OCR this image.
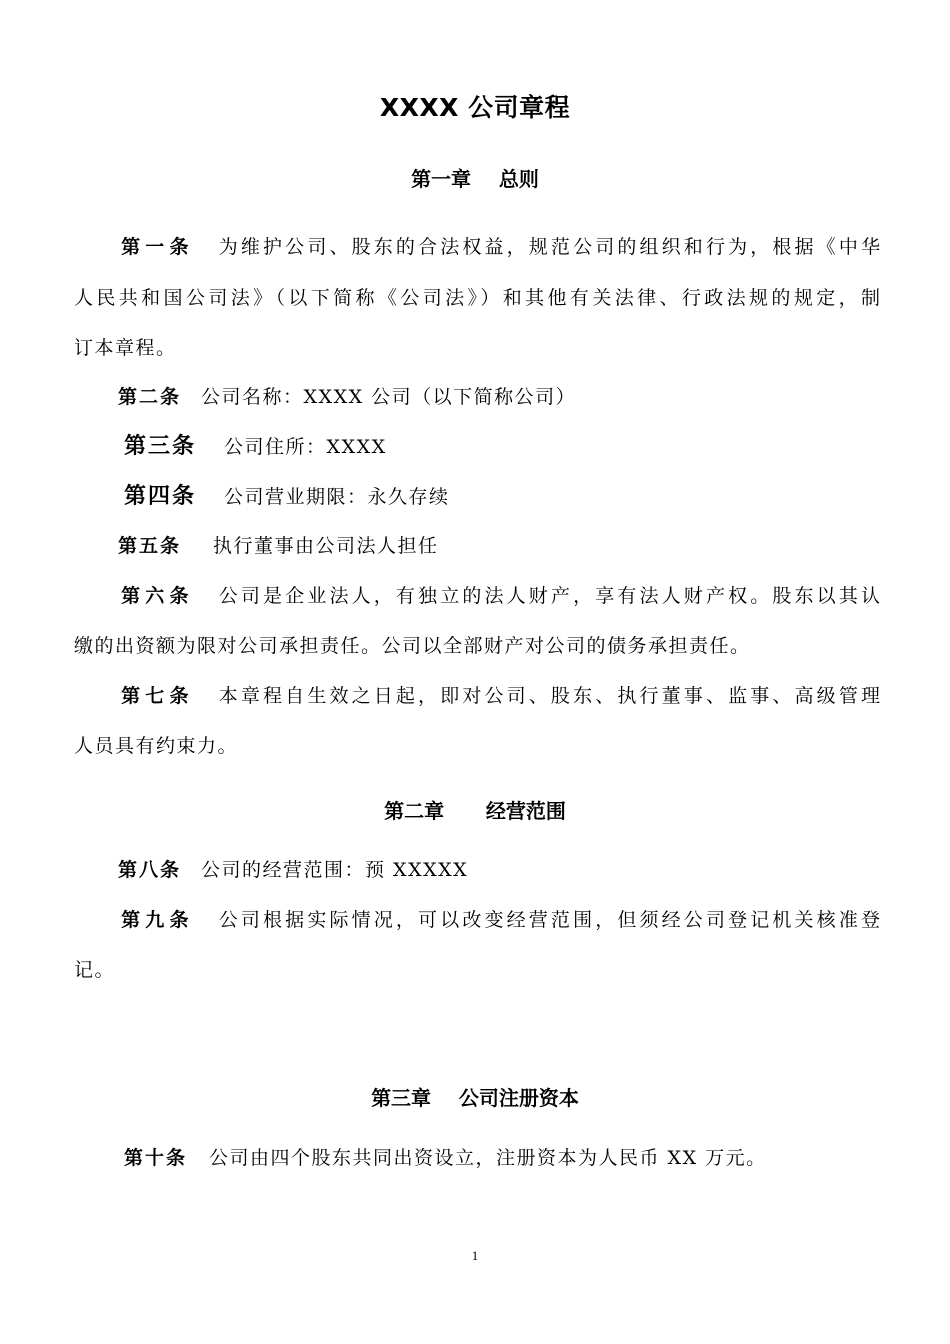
XXXX 公司章程
第一章    总则
第一条 为维护公司、股东的合法权益，规范公司的组织和行为，根据《中华
人民共和国公司法》（以下简称《公司法》）和其他有关法律、行政法规的规定，制
订本章程。
第二条 公司名称：XXXX 公司（以下简称公司）
第三条 公司住所：XXXX
第四条 公司营业期限：永久存续
第五条 执行董事由公司法人担任
第六条 公司是企业法人，有独立的法人财产，享有法人财产权。股东以其认
缴的出资额为限对公司承担责任。公司以全部财产对公司的债务承担责任。
第七条 本章程自生效之日起，即对公司、股东、执行董事、监事、高级管理
人员具有约束力。
第二章      经营范围
第八条 公司的经营范围：预 XXXXX
第九条 公司根据实际情况，可以改变经营范围，但须经公司登记机关核准登
记。
第三章    公司注册资本
第十条 公司由四个股东共同出资设立，注册资本为人民币 XX 万元。
1
